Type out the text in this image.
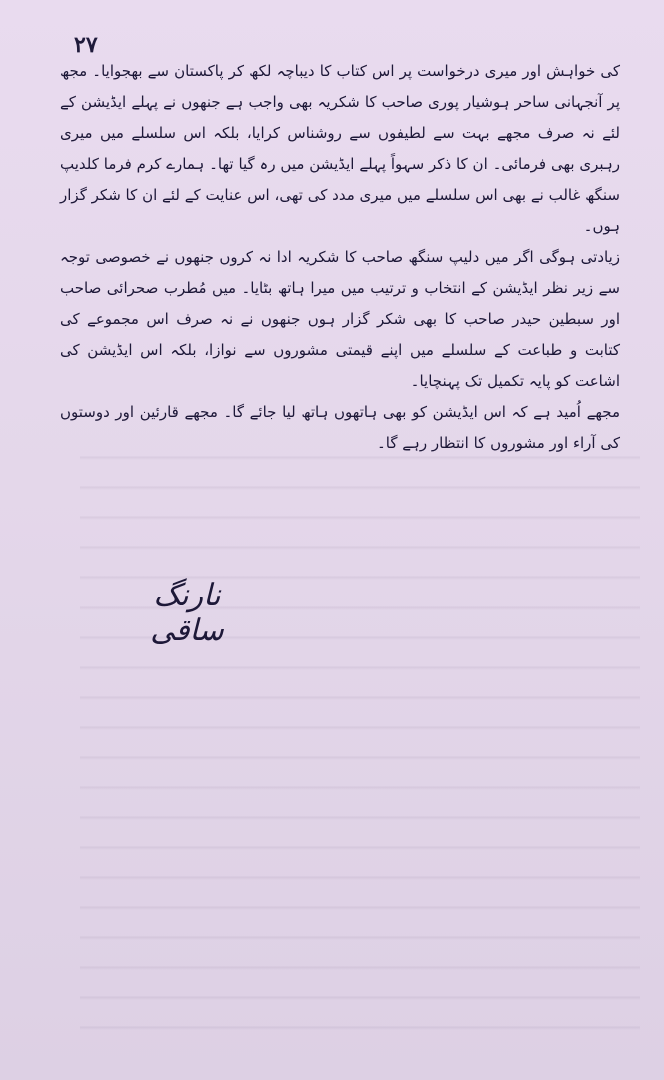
۲۷

کی خواہش اور میری درخواست پر اس کتاب کا دیباچہ لکھ کر پاکستان سے بھجوایا۔ مجھ پر آنجہانی ساحر ہوشیار پوری صاحب کا شکریہ بھی واجب ہے جنھوں نے پہلے ایڈیشن کے لئے نہ صرف مجھے بہت سے لطیفوں سے روشناس کرایا، بلکہ اس سلسلے میں میری رہبری بھی فرمائی۔ ان کا ذکر سہواً پہلے ایڈیشن میں رہ گیا تھا۔ ہمارے کرم فرما کلدیپ سنگھ غالب نے بھی اس سلسلے میں میری مدد کی تھی، اس عنایت کے لئے ان کا شکر گزار ہوں۔

زیادتی ہوگی اگر میں دلیپ سنگھ صاحب کا شکریہ ادا نہ کروں جنھوں نے خصوصی توجہ سے زیر نظر ایڈیشن کے انتخاب و ترتیب میں میرا ہاتھ بٹایا۔ میں مُطرب صحرائی صاحب اور سبطین حیدر صاحب کا بھی شکر گزار ہوں جنھوں نے نہ صرف اس مجموعے کی کتابت و طباعت کے سلسلے میں اپنے قیمتی مشوروں سے نوازا، بلکہ اس ایڈیشن کی اشاعت کو پایہ تکمیل تک پہنچایا۔

مجھے اُمید ہے کہ اس ایڈیشن کو بھی ہاتھوں ہاتھ لیا جائے گا۔ مجھے قارئین اور دوستوں کی آراء اور مشوروں کا انتظار رہے گا۔

نارنگ ساقی
